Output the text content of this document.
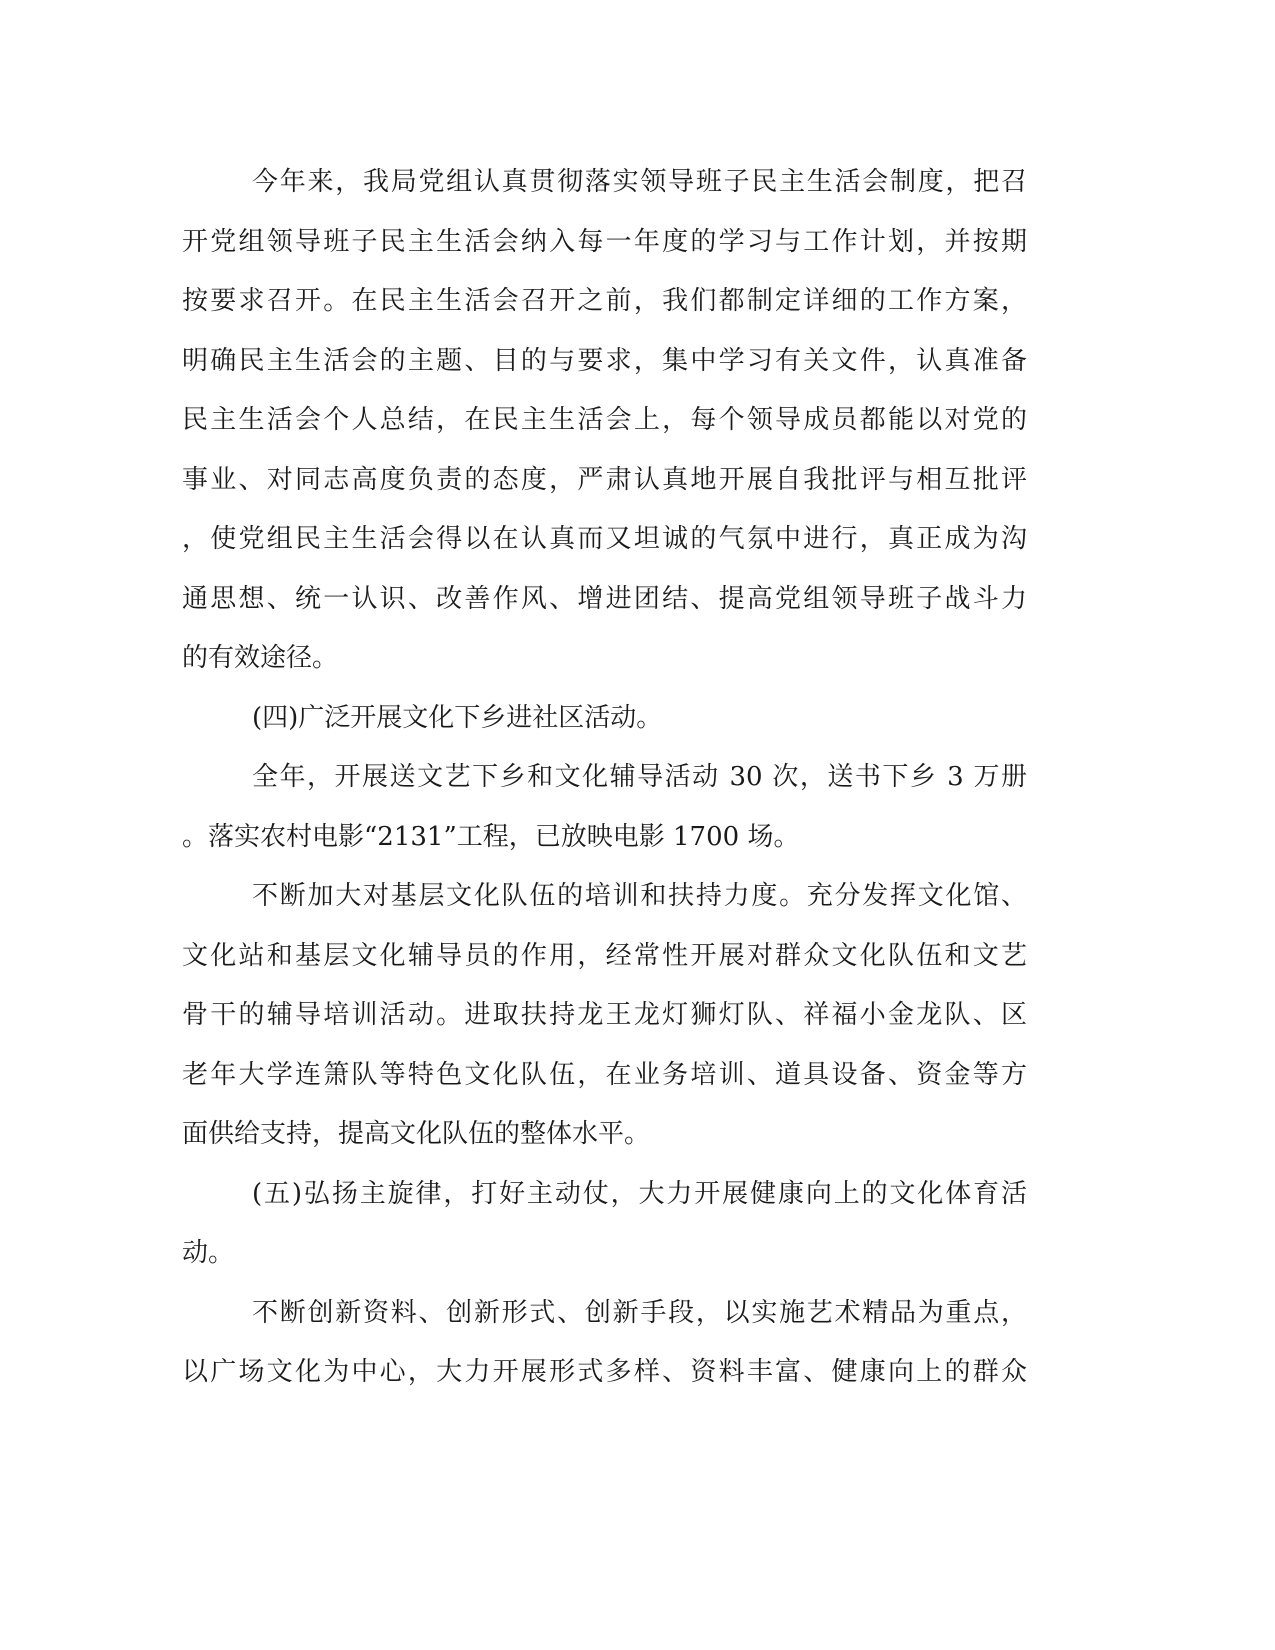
今年来，我局党组认真贯彻落实领导班子民主生活会制度，把召
开党组领导班子民主生活会纳入每一年度的学习与工作计划，并按期
按要求召开。在民主生活会召开之前，我们都制定详细的工作方案，
明确民主生活会的主题、目的与要求，集中学习有关文件，认真准备
民主生活会个人总结，在民主生活会上，每个领导成员都能以对党的
事业、对同志高度负责的态度，严肃认真地开展自我批评与相互批评
，使党组民主生活会得以在认真而又坦诚的气氛中进行，真正成为沟
通思想、统一认识、改善作风、增进团结、提高党组领导班子战斗力
的有效途径。
(四)广泛开展文化下乡进社区活动。
全年，开展送文艺下乡和文化辅导活动 30 次，送书下乡 3 万册
。落实农村电影“2131”工程，已放映电影 1700 场。
不断加大对基层文化队伍的培训和扶持力度。充分发挥文化馆、
文化站和基层文化辅导员的作用，经常性开展对群众文化队伍和文艺
骨干的辅导培训活动。进取扶持龙王龙灯狮灯队、祥福小金龙队、区
老年大学连箫队等特色文化队伍，在业务培训、道具设备、资金等方
面供给支持，提高文化队伍的整体水平。
(五)弘扬主旋律，打好主动仗，大力开展健康向上的文化体育活
动。
不断创新资料、创新形式、创新手段，以实施艺术精品为重点，
以广场文化为中心，大力开展形式多样、资料丰富、健康向上的群众
